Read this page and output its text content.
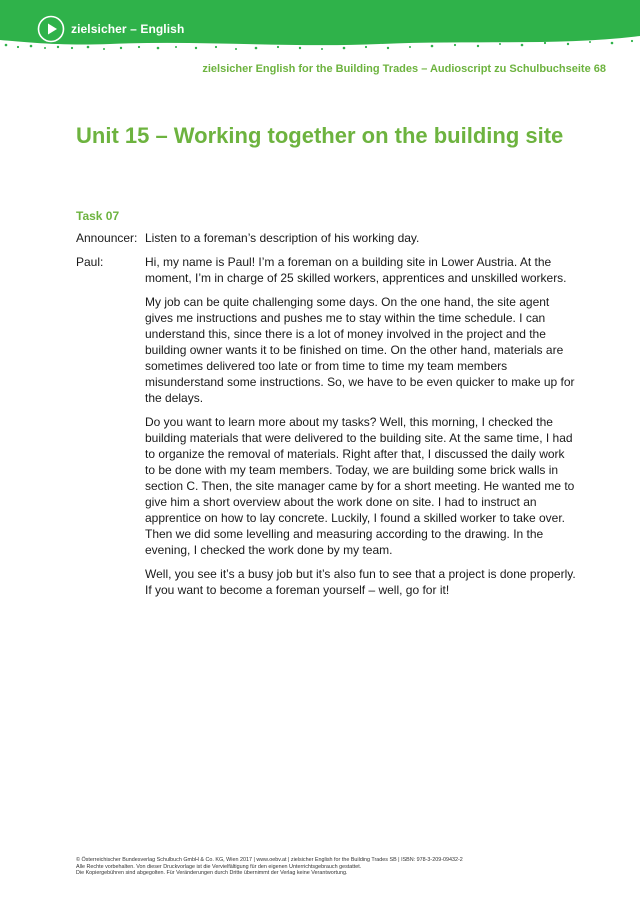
zielsicher – English
zielsicher English for the Building Trades – Audioscript zu Schulbuchseite 68
Unit 15 – Working together on the building site
Task 07
Announcer: Listen to a foreman’s description of his working day.
Paul:	Hi, my name is Paul! I’m a foreman on a building site in Lower Austria. At the moment, I’m in charge of 25 skilled workers, apprentices and unskilled workers.

My job can be quite challenging some days. On the one hand, the site agent gives me instructions and pushes me to stay within the time schedule. I can understand this, since there is a lot of money involved in the project and the building owner wants it to be finished on time. On the other hand, materials are sometimes delivered too late or from time to time my team members misunderstand some instructions. So, we have to be even quicker to make up for the delays.

Do you want to learn more about my tasks? Well, this morning, I checked the building materials that were delivered to the building site. At the same time, I had to organize the removal of materials. Right after that, I discussed the daily work to be done with my team members. Today, we are building some brick walls in section C. Then, the site manager came by for a short meeting. He wanted me to give him a short overview about the work done on site. I had to instruct an apprentice on how to lay concrete. Luckily, I found a skilled worker to take over. Then we did some levelling and measuring according to the drawing. In the evening, I checked the work done by my team.

Well, you see it’s a busy job but it’s also fun to see that a project is done properly. If you want to become a foreman yourself – well, go for it!

© Österreichischer Bundesverlag Schulbuch GmbH & Co. KG, Wien 2017 | www.oebv.at | zielsicher English for the Building Trades SB | ISBN: 978-3-209-09432-2
Alle Rechte vorbehalten. Von dieser Druckvorlage ist die Vervielfältigung für den eigenen Unterrichtsgebrauch gestattet.
Die Kopiergebühren sind abgegolten. Für Veränderungen durch Dritte übernimmt der Verlag keine Verantwortung.
